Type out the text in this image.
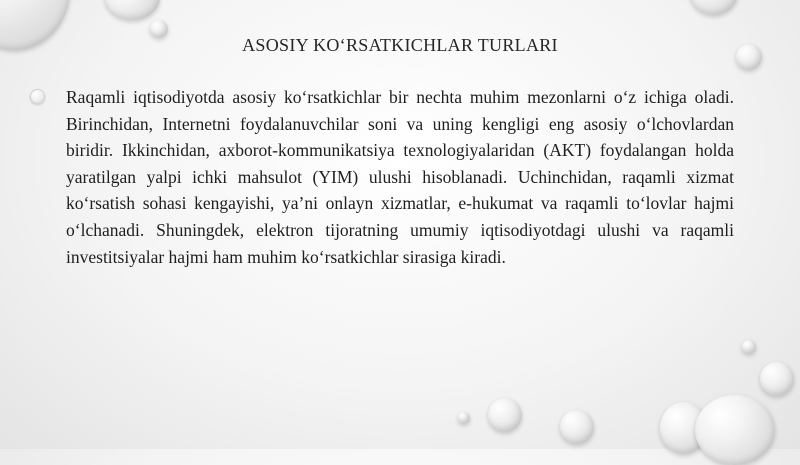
ASOSIY KO‘RSATKICHLAR TURLARI
Raqamli iqtisodiyotda asosiy ko‘rsatkichlar bir nechta muhim mezonlarni o‘z ichiga oladi. Birinchidan, Internetni foydalanuvchilar soni va uning kengligi eng asosiy o‘lchovlardan biridir. Ikkinchidan, axborot-kommunikatsiya texnologiyalaridan (AKT) foydalangan holda yaratilgan yalpi ichki mahsulot (YIM) ulushi hisoblanadi. Uchinchidan, raqamli xizmat ko‘rsatish sohasi kengayishi, ya’ni onlayn xizmatlar, e-hukumat va raqamli to‘lovlar hajmi o‘lchanadi. Shuningdek, elektron tijoratning umumiy iqtisodiyotdagi ulushi va raqamli investitsiyalar hajmi ham muhim ko‘rsatkichlar sirasiga kiradi.
